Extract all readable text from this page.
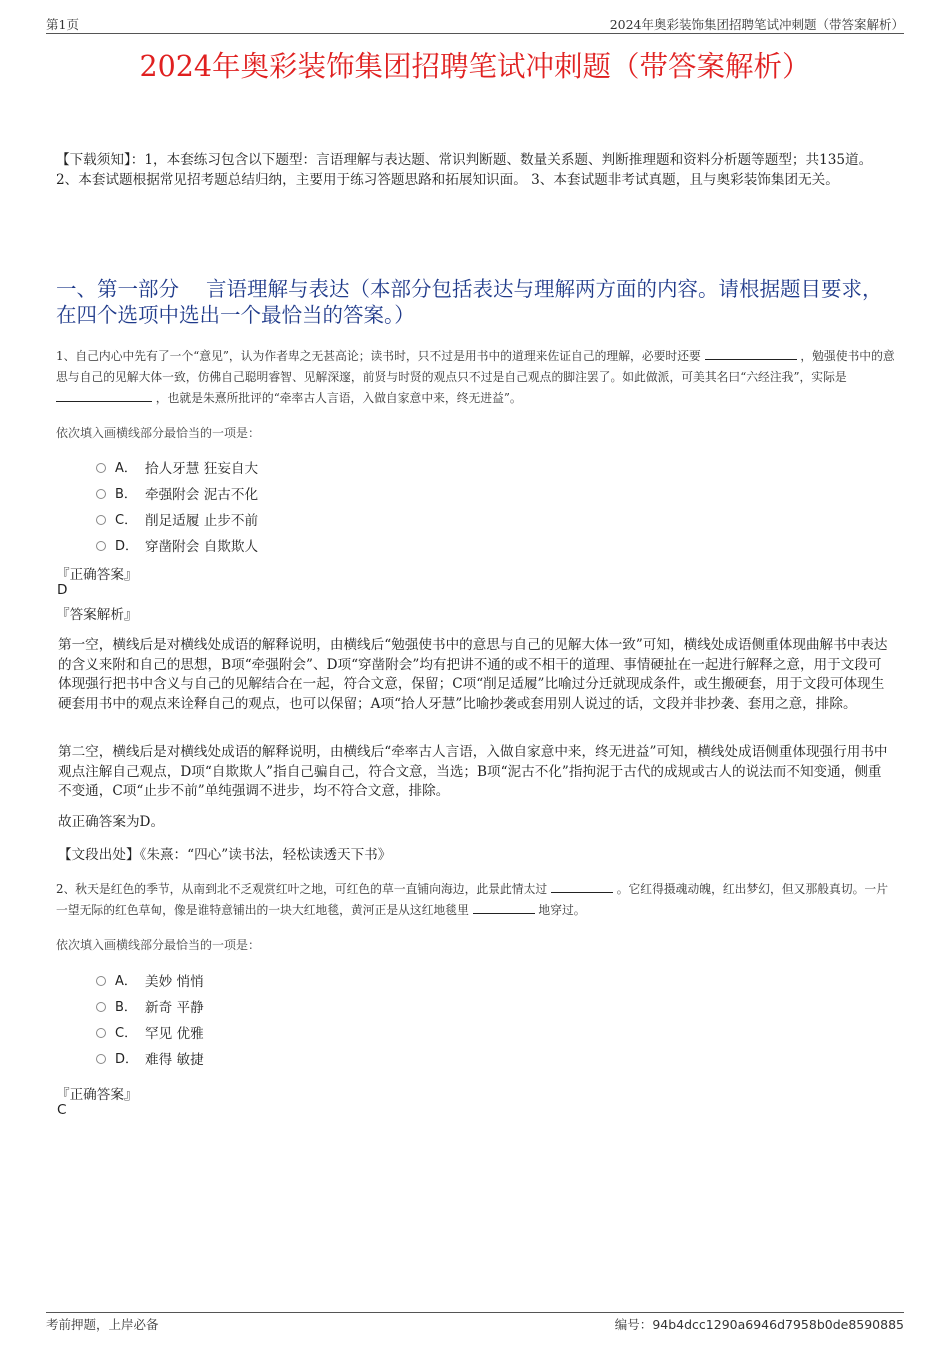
第1页	2024年奥彩装饰集团招聘笔试冲刺题（带答案解析）
2024年奥彩装饰集团招聘笔试冲刺题（带答案解析）
【下载须知】：1，本套练习包含以下题型：言语理解与表达题、常识判断题、数量关系题、判断推理题和资料分析题等题型；共135道。 2、本套试题根据常见招考题总结归纳，主要用于练习答题思路和拓展知识面。 3、本套试题非考试真题，且与奥彩装饰集团无关。
一、第一部分　 言语理解与表达（本部分包括表达与理解两方面的内容。请根据题目要求，在四个选项中选出一个最恰当的答案。）
1、自己内心中先有了一个“意见”，认为作者卑之无甚高论；读书时，只不过是用书中的道理来佐证自己的理解，必要时还要	，勉强使书中的意思与自己的见解大体一致，仿佛自己聪明睿智、见解深邃，前贤与时贤的观点只不过是自己观点的脚注罢了。如此做派，可美其名曰“六经注我”，实际是  ，也就是朱熹所批评的“牵率古人言语，入做自家意中来，终无进益”。
依次填入画横线部分最恰当的一项是：
A． 拾人牙慧 狂妄自大
B． 牵强附会 泥古不化
C． 削足适履 止步不前
D． 穿凿附会 自欺欺人
『正确答案』
D
『答案解析』
第一空，横线后是对横线处成语的解释说明，由横线后“勉强使书中的意思与自己的见解大体一致”可知，横线处成语侧重体现曲解书中表达的含义来附和自己的思想，B项“牵强附会”、D项“穿凿附会”均有把讲不通的或不相干的道理、事情硬扯在一起进行解释之意，用于文段可体现强行把书中含义与自己的见解结合在一起，符合文意，保留；C项“削足适履”比喻过分迁就现成条件，或生搬硬套，用于文段可体现生硬套用书中的观点来诠释自己的观点，也可以保留；A项“拾人牙慧”比喻抄袭或套用别人说过的话，文段并非抄袭、套用之意，排除。
第二空，横线后是对横线处成语的解释说明，由横线后“牵率古人言语，入做自家意中来，终无进益”可知，横线处成语侧重体现强行用书中观点注解自己观点，D项“自欺欺人”指自己骗自己，符合文意，当选；B项“泥古不化”指拘泥于古代的成规或古人的说法而不知变通，侧重不变通，C项“止步不前”单纯强调不进步，均不符合文意，排除。
故正确答案为D。
【文段出处】《朱熹：“四心”读书法，轻松读透天下书》
2、秋天是红色的季节，从南到北不乏观赏红叶之地，可红色的草一直铺向海边，此景此情太过	。它红得摄魂动魄，红出梦幻，但又那般真切。一片一望无际的红色草甸，像是谁特意铺出的一块大红地毯，黄河正是从这红地毯里	地穿过。
依次填入画横线部分最恰当的一项是：
A． 美妙 悄悄
B． 新奇 平静
C． 罕见 优雅
D． 难得 敏捷
『正确答案』
C
考前押题，上岸必备	编号：94b4dcc1290a6946d7958b0de8590885
